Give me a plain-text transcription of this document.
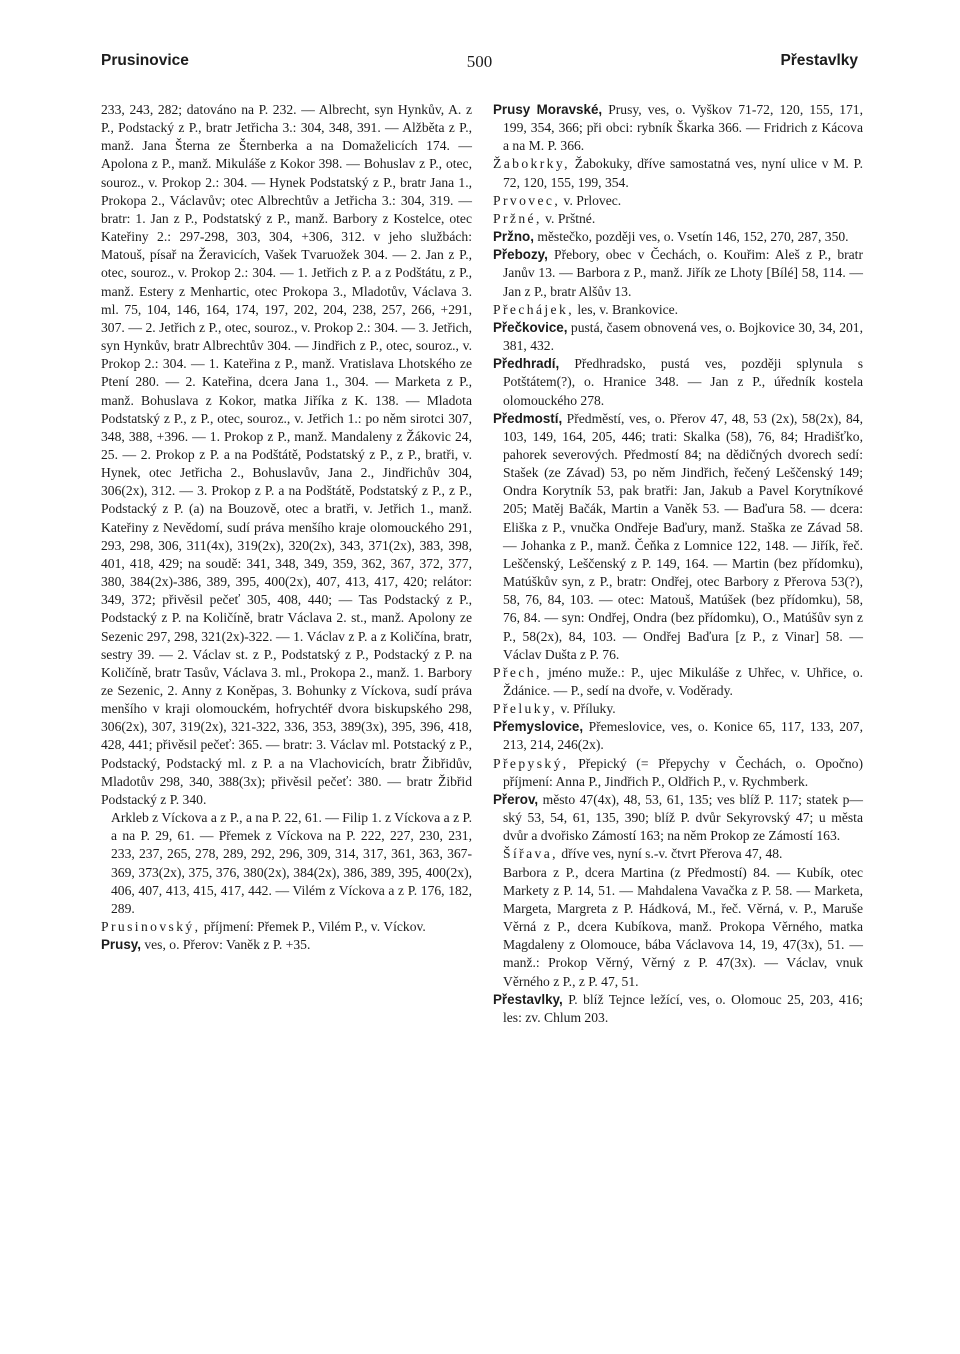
Prusinovice	500	Přestavlky

233, 243, 282; datováno na P. 232. — Albrecht, syn Hynkův, A. z P., Podstacký z P., bratr Jetřicha 3.: 304, 348, 391. — Alžběta z P., manž. Jana Šterna ze Šternberka a na Domaželicích 174. — Apolona z P., manž. Mikuláše z Kokor 398. — Bohuslav z P., otec, souroz., v. Prokop 2.: 304. — Hynek Podstatský z P., bratr Jana 1., Prokopa 2., Václavův; otec Albrechtův a Jetřicha 3.: 304, 319. — bratr: 1. Jan z P., Podstatský z P., manž. Barbory z Kostelce, otec Kateřiny 2.: 297-298, 303, 304, +306, 312. v jeho službách: Matouš, písař na Žeravicích, Vašek Tvaruožek 304. — 2. Jan z P., otec, souroz., v. Prokop 2.: 304. — 1. Jetřich z P. a z Podštátu, z P., manž. Estery z Menhartic, otec Prokopa 3., Mladotův, Václava 3. ml. 75, 104, 146, 164, 174, 197, 202, 204, 238, 257, 266, +291, 307. — 2. Jetřich z P., otec, souroz., v. Prokop 2.: 304. — 3. Jetřich, syn Hynkův, bratr Albrechtův 304. — Jindřich z P., otec, souroz., v. Prokop 2.: 304. — 1. Kateřina z P., manž. Vratislava Lhotského ze Ptení 280. — 2. Kateřina, dcera Jana 1., 304. — Marketa z P., manž. Bohuslava z Kokor, matka Jiříka z K. 138. — Mladota Podstatský z P., z P., otec, souroz., v. Jetřich 1.: po něm sirotci 307, 348, 388, +396. — 1. Prokop z P., manž. Mandaleny z Žákovic 24, 25. — 2. Prokop z P. a na Podštátě, Podstatský z P., z P., bratři, v. Hynek, otec Jetřicha 2., Bohuslavův, Jana 2., Jindřichův 304, 306(2x), 312. — 3. Prokop z P. a na Podštátě, Podstatský z P., z P., Podstacký z P. (a) na Bouzově, otec a bratři, v. Jetřich 1., manž. Kateřiny z Nevědomí, sudí práva menšího kraje olomouckého 291, 293, 298, 306, 311(4x), 319(2x), 320(2x), 343, 371(2x), 383, 398, 401, 418, 429; na soudě: 341, 348, 349, 359, 362, 367, 372, 377, 380, 384(2x)-386, 389, 395, 400(2x), 407, 413, 417, 420; relátor: 349, 372; přivěsil pečeť 305, 408, 440; — Tas Podstacký z P., Podstacký z P. na Količíně, bratr Václava 2. st., manž. Apolony ze Sezenic 297, 298, 321(2x)-322. — 1. Václav z P. a z Količína, bratr, sestry 39. — 2. Václav st. z P., Podstatský z P., Podstacký z P. na Količíně, bratr Tasův, Václava 3. ml., Prokopa 2., manž. 1. Barbory ze Sezenic, 2. Anny z Koněpas, 3. Bohunky z Víckova, sudí práva menšího v kraji olomouckém, hofrychtéř dvora biskupského 298, 306(2x), 307, 319(2x), 321-322, 336, 353, 389(3x), 395, 396, 418, 428, 441; přivěsil pečeť: 365. — bratr: 3. Václav ml. Potstacký z P., Podstacký, Podstacký ml. z P. a na Vlachovicích, bratr Žibřidův, Mladotův 298, 340, 388(3x); přivěsil pečeť: 380. — bratr Žibřid Podstacký z P. 340.

Arkleb z Víckova a z P., a na P. 22, 61. — Filip 1. z Víckova a z P. a na P. 29, 61. — Přemek z Víckova na P. 222, 227, 230, 231, 233, 237, 265, 278, 289, 292, 296, 309, 314, 317, 361, 363, 367-369, 373(2x), 375, 376, 380(2x), 384(2x), 386, 389, 395, 400(2x), 406, 407, 413, 415, 417, 442. — Vilém z Víckova a z P. 176, 182, 289.

Prusinovský, příjmení: Přemek P., Vilém P., v. Víckov.

Prusy, ves, o. Přerov: Vaněk z P. +35.

Prusy Moravské, Prusy, ves, o. Vyškov 71-72, 120, 155, 171, 199, 354, 366; při obci: rybník Škarka 366. — Fridrich z Kácova a na M. P. 366.

Žabokrky, Žabokuky, dříve samostatná ves, nyní ulice v M. P. 72, 120, 155, 199, 354.

Prvovec, v. Prlovec.

Pržné, v. Prštné.

Pržno, městečko, později ves, o. Vsetín 146, 152, 270, 287, 350.

Přebozy, Přebory, obec v Čechách, o. Kouřim: Aleš z P., bratr Janův 13. — Barbora z P., manž. Jiřík ze Lhoty [Bílé] 58, 114. — Jan z P., bratr Alšův 13.

Přechájek, les, v. Brankovice.

Přečkovice, pustá, časem obnovená ves, o. Bojkovice 30, 34, 201, 381, 432.

Předhradí, Předhradsko, pustá ves, později splynula s Potštátem(?), o. Hranice 348. — Jan z P., úředník kostela olomouckého 278.

Předmostí, Předměstí, ves, o. Přerov 47, 48, 53 (2x), 58(2x), 84, 103, 149, 164, 205, 446; trati: Skalka (58), 76, 84; Hradišťko, pahorek severových. Předmostí 84; na dědičných dvorech sedí: Stašek (ze Závad) 53, po něm Jindřich, řečený Leščenský 149; Ondra Korytník 53, pak bratři: Jan, Jakub a Pavel Korytníkové 205; Matěj Bačák, Martin a Vaněk 53. — Baďura 58. — dcera: Eliška z P., vnučka Ondřeje Baďury, manž. Staška ze Závad 58. — Johanka z P., manž. Čeňka z Lomnice 122, 148. — Jiřík, řeč. Leščenský, Leščenský z P. 149, 164. — Martin (bez přídomku), Matúškův syn, z P., bratr: Ondřej, otec Barbory z Přerova 53(?), 58, 76, 84, 103. — otec: Matouš, Matúšek (bez přídomku), 58, 76, 84. — syn: Ondřej, Ondra (bez přídomku), O., Matúšův syn z P., 58(2x), 84, 103. — Ondřej Baďura [z P., z Vinar] 58. — Václav Dušta z P. 76.

Přech, jméno muže.: P., ujec Mikuláše z Uhřec, v. Uhřice, o. Ždánice. — P., sedí na dvoře, v. Voděrady.

Přeluky, v. Příluky.

Přemyslovice, Přemeslovice, ves, o. Konice 65, 117, 133, 207, 213, 214, 246(2x).

Přepyský, Přepický (= Přepychy v Čechách, o. Opočno) příjmení: Anna P., Jindřich P., Oldřich P., v. Rychmberk.

Přerov, město 47(4x), 48, 53, 61, 135; ves blíž P. 117; statek p—ský 53, 54, 61, 135, 390; blíž P. dvůr Sekyrovský 47; u města dvůr a dvořisko Zámostí 163; na něm Prokop ze Zámostí 163.

Šířava, dříve ves, nyní s.-v. čtvrt Přerova 47, 48.

Barbora z P., dcera Martina (z Předmostí) 84. — Kubík, otec Markety z P. 14, 51. — Mahdalena Vavačka z P. 58. — Marketa, Margeta, Margreta z P. Hádková, M., řeč. Věrná, v. P., Maruše Věrná z P., dcera Kubíkova, manž. Prokopa Věrného, matka Magdaleny z Olomouce, bába Václavova 14, 19, 47(3x), 51. — manž.: Prokop Věrný, Věrný z P. 47(3x). — Václav, vnuk Věrného z P., z P. 47, 51.

Přestavlky, P. blíž Tejnce ležící, ves, o. Olomouc 25, 203, 416; les: zv. Chlum 203.
